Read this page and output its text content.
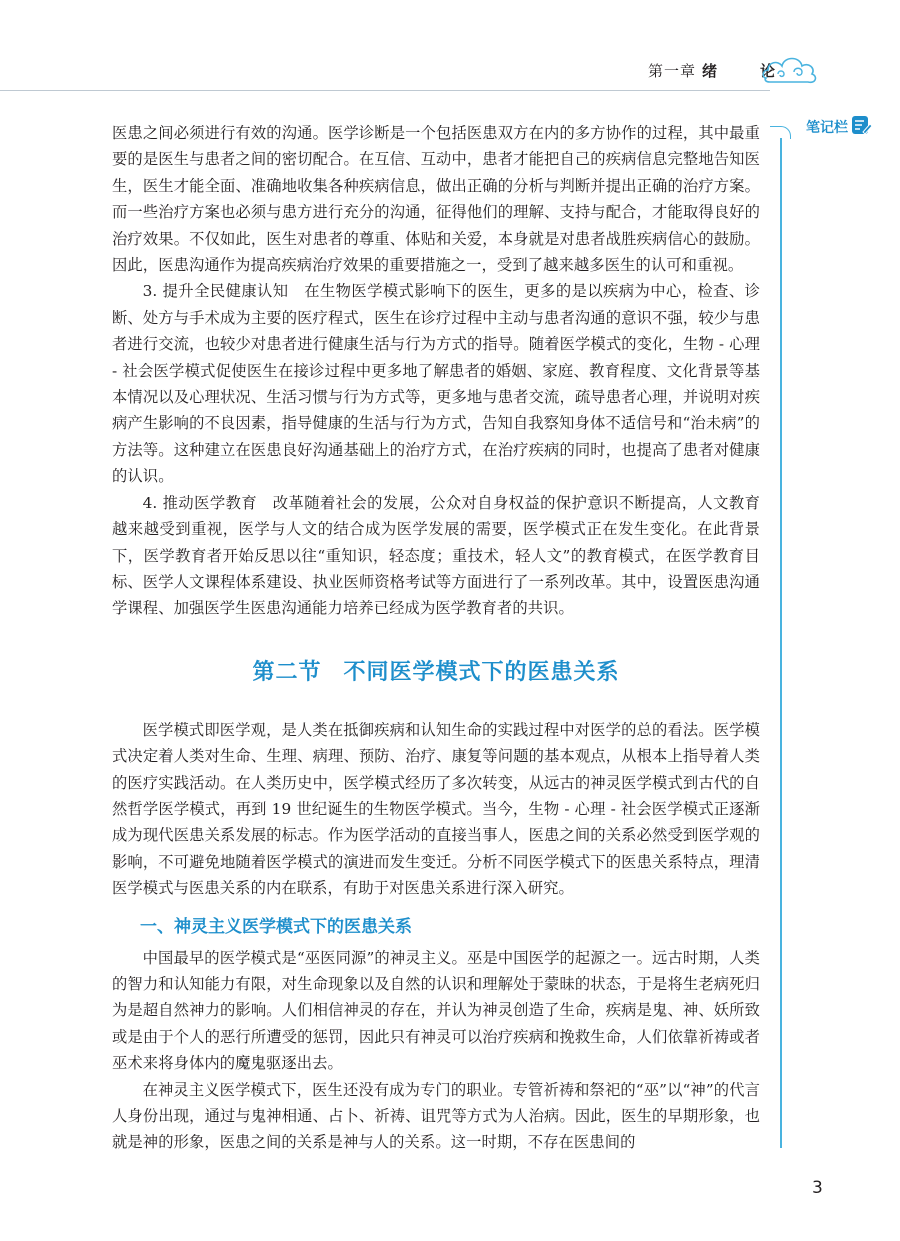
第一章 绪　论
笔记栏

医患之间必须进行有效的沟通。医学诊断是一个包括医患双方在内的多方协作的过程，其中最重要的是医生与患者之间的密切配合。在互信、互动中，患者才能把自己的疾病信息完整地告知医生，医生才能全面、准确地收集各种疾病信息，做出正确的分析与判断并提出正确的治疗方案。而一些治疗方案也必须与患方进行充分的沟通，征得他们的理解、支持与配合，才能取得良好的治疗效果。不仅如此，医生对患者的尊重、体贴和关爱，本身就是对患者战胜疾病信心的鼓励。因此，医患沟通作为提高疾病治疗效果的重要措施之一，受到了越来越多医生的认可和重视。

3. 提升全民健康认知　在生物医学模式影响下的医生，更多的是以疾病为中心，检查、诊断、处方与手术成为主要的医疗程式，医生在诊疗过程中主动与患者沟通的意识不强，较少与患者进行交流，也较少对患者进行健康生活与行为方式的指导。随着医学模式的变化，生物 - 心理 - 社会医学模式促使医生在接诊过程中更多地了解患者的婚姻、家庭、教育程度、文化背景等基本情况以及心理状况、生活习惯与行为方式等，更多地与患者交流，疏导患者心理，并说明对疾病产生影响的不良因素，指导健康的生活与行为方式，告知自我察知身体不适信号和“治未病”的方法等。这种建立在医患良好沟通基础上的治疗方式，在治疗疾病的同时，也提高了患者对健康的认识。

4. 推动医学教育　改革随着社会的发展，公众对自身权益的保护意识不断提高，人文教育越来越受到重视，医学与人文的结合成为医学发展的需要，医学模式正在发生变化。在此背景下，医学教育者开始反思以往“重知识，轻态度；重技术，轻人文”的教育模式，在医学教育目标、医学人文课程体系建设、执业医师资格考试等方面进行了一系列改革。其中，设置医患沟通学课程、加强医学生医患沟通能力培养已经成为医学教育者的共识。

第二节 不同医学模式下的医患关系

医学模式即医学观，是人类在抵御疾病和认知生命的实践过程中对医学的总的看法。医学模式决定着人类对生命、生理、病理、预防、治疗、康复等问题的基本观点，从根本上指导着人类的医疗实践活动。在人类历史中，医学模式经历了多次转变，从远古的神灵医学模式到古代的自然哲学医学模式，再到 19 世纪诞生的生物医学模式。当今，生物 - 心理 - 社会医学模式正逐渐成为现代医患关系发展的标志。作为医学活动的直接当事人，医患之间的关系必然受到医学观的影响，不可避免地随着医学模式的演进而发生变迁。分析不同医学模式下的医患关系特点，理清医学模式与医患关系的内在联系，有助于对医患关系进行深入研究。

一、神灵主义医学模式下的医患关系

中国最早的医学模式是“巫医同源”的神灵主义。巫是中国医学的起源之一。远古时期，人类的智力和认知能力有限，对生命现象以及自然的认识和理解处于蒙昧的状态，于是将生老病死归为是超自然神力的影响。人们相信神灵的存在，并认为神灵创造了生命，疾病是鬼、神、妖所致或是由于个人的恶行所遭受的惩罚，因此只有神灵可以治疗疾病和挽救生命，人们依靠祈祷或者巫术来将身体内的魔鬼驱逐出去。

在神灵主义医学模式下，医生还没有成为专门的职业。专管祈祷和祭祀的“巫”以“神”的代言人身份出现，通过与鬼神相通、占卜、祈祷、诅咒等方式为人治病。因此，医生的早期形象，也就是神的形象，医患之间的关系是神与人的关系。这一时期，不存在医患间的

3
